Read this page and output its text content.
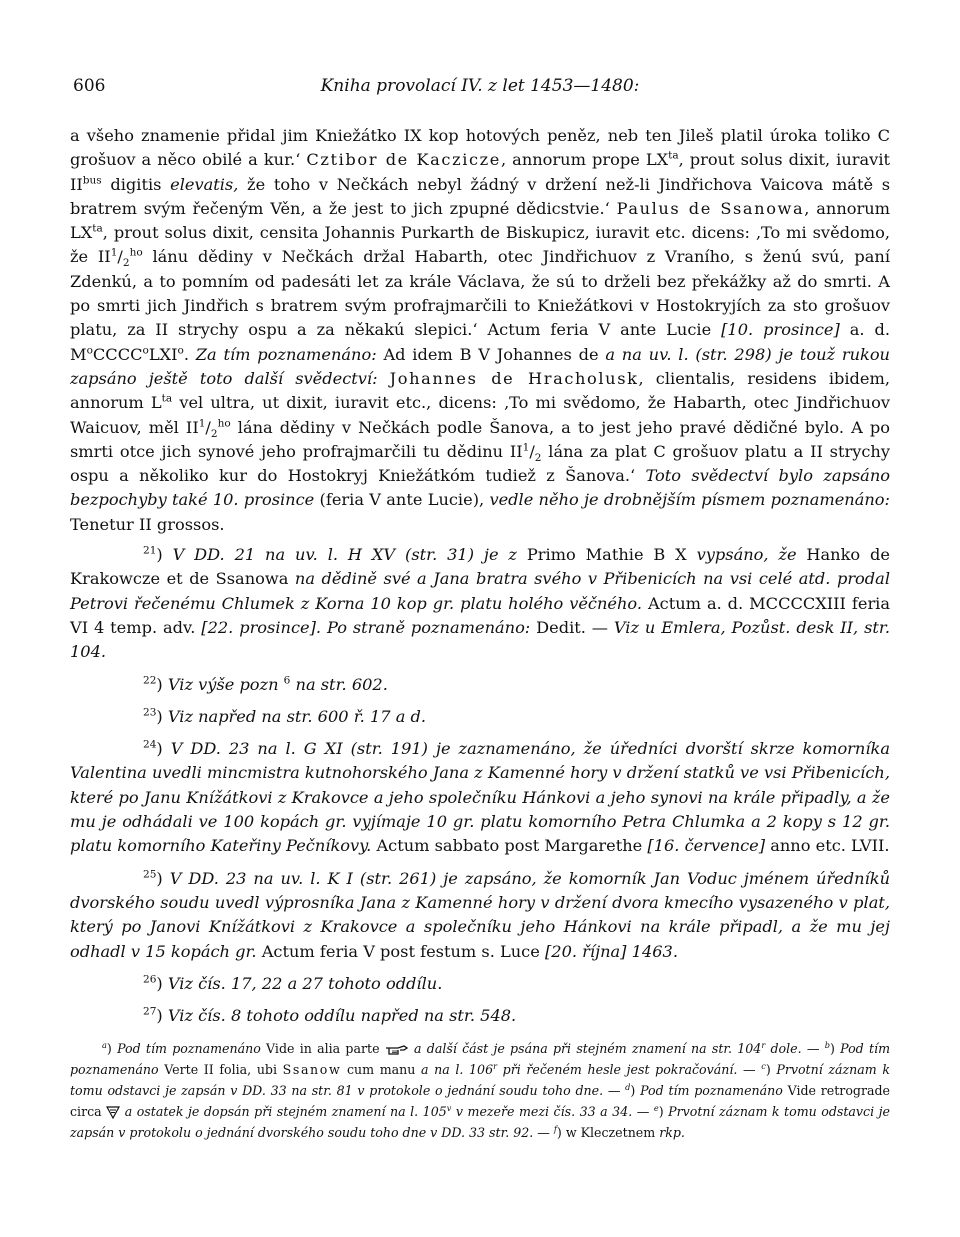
606	Kniha provolací IV. z let 1453—1480:

a všeho znamenie přidal jim Kniežátko IX kop hotových peněz, neb ten Jileš platil úroka toliko C grošuov a něco obilé a kur.‘ Cztibor de Kaczicze, annorum prope $LX^{ta}$, prout solus dixit, iuravit $II^{bus}$ digitis elevatis, že toho v Nečkách nebyl žádný v držení než-li Jindřichova Vaicova mátě s bratrem svým řečeným Věn, a že jest to jich zpupné dědicstvie.‘ Paulus de Ssanowa, annorum $LX^{ta}$, prout solus dixit, censita Johannis Purkarth de Biskupicz, iuravit etc. dicens: ‚To mi svědomo, že $II^1/_2^{ho}$ lánu dědiny v Nečkách držal Habarth, otec Jindřichuov z Vraního, s ženú svú, paní Zdenkú, a to pomním od padesáti let za krále Václava, že sú to drželi bez překážky až do smrti. A po smrti jich Jindřich s bratrem svým profrajmarčili to Kniežátkovi v Hostokryjích za sto grošuov platu, za II strychy ospu a za někakú slepici.‘ Actum feria V ante Lucie [10. prosince] a. d. $M^oCCCC^oLXI^o$. Za tím poznamenáno: Ad idem B V Johannes de a na uv. l. (str. 298) je touž rukou zapsáno ještě toto další svědectví: Johannes de Hracholusk, clientalis, residens ibidem, annorum $L^{ta}$ vel ultra, ut dixit, iuravit etc., dicens: ‚To mi svědomo, že Habarth, otec Jindřichuov Waicuov, měl $II^1/_2^{ho}$ lána dědiny v Nečkách podle Šanova, a to jest jeho pravé dědičné bylo. A po smrti otce jich synové jeho profrajmarčili tu dědinu $II^1/_2$ lána za plat C grošuov platu a II strychy ospu a několiko kur do Hostokryj Kniežátkóm tudiež z Šanova.‘ Toto svědectví bylo zapsáno bezpochyby také 10. prosince (feria V ante Lucie), vedle něho je drobnějším písmem poznamenáno: Tenetur II grossos.

$^{21}$) V DD. 21 na uv. l. H XV (str. 31) je z Primo Mathie B X vypsáno, že Hanko de Krakowcze et de Ssanowa na dědině své a Jana bratra svého v Přibenicích na vsi celé atd. prodal Petrovi řečenému Chlumek z Korna 10 kop gr. platu holého věčného. Actum a. d. MCCCCXIII feria VI 4 temp. adv. [22. prosince]. Po straně poznamenáno: Dedit. — Viz u Emlera, Pozůst. desk II, str. 104.

$^{22}$) Viz výše pozn $^6$ na str. 602.

$^{23}$) Viz napřed na str. 600 ř. 17 a d.

$^{24}$) V DD. 23 na l. G XI (str. 191) je zaznamenáno, že úředníci dvorští skrze komorníka Valentina uvedli mincmistra kutnohorského Jana z Kamenné hory v držení statků ve vsi Přibenicích, které po Janu Knížátkovi z Krakovce a jeho společníku Hánkovi a jeho synovi na krále připadly, a že mu je odhádali ve 100 kopách gr. vyjímaje 10 gr. platu komorního Petra Chlumka a 2 kopy s 12 gr. platu komorního Kateřiny Pečníkovy. Actum sabbato post Margarethe [16. července] anno etc. LVII.

$^{25}$) V DD. 23 na uv. l. K I (str. 261) je zapsáno, že komorník Jan Voduc jménem úředníků dvorského soudu uvedl výprosníka Jana z Kamenné hory v držení dvora kmecího vysazeného v plat, který po Janovi Knížátkovi z Krakovce a společníku jeho Hánkovi na krále připadl, a že mu jej odhadl v 15 kopách gr. Actum feria V post festum s. Luce [20. října] 1463.

$^{26}$) Viz čís. 17, 22 a 27 tohoto oddílu.

$^{27}$) Viz čís. 8 tohoto oddílu napřed na str. 548.

$^a$) Pod tím poznamenáno Vide in alia parte  a další část je psána při stejném znamení na str. 104$^r$ dole. — $^b$) Pod tím poznamenáno Verte II folia, ubi Ssanow cum manu a na l. 106$^r$ při řečeném hesle jest pokračování. — $^c$) Prvotní záznam k tomu odstavci je zapsán v DD. 33 na str. 81 v protokole o jednání soudu toho dne. — $^d$) Pod tím poznamenáno Vide retrograde circa  a ostatek je dopsán při stejném znamení na l. 105$^v$ v mezeře mezi čís. 33 a 34. — $^e$) Prvotní záznam k tomu odstavci je zapsán v protokolu o jednání dvorského soudu toho dne v DD. 33 str. 92. — $^f$) w Kleczetnem rkp.
